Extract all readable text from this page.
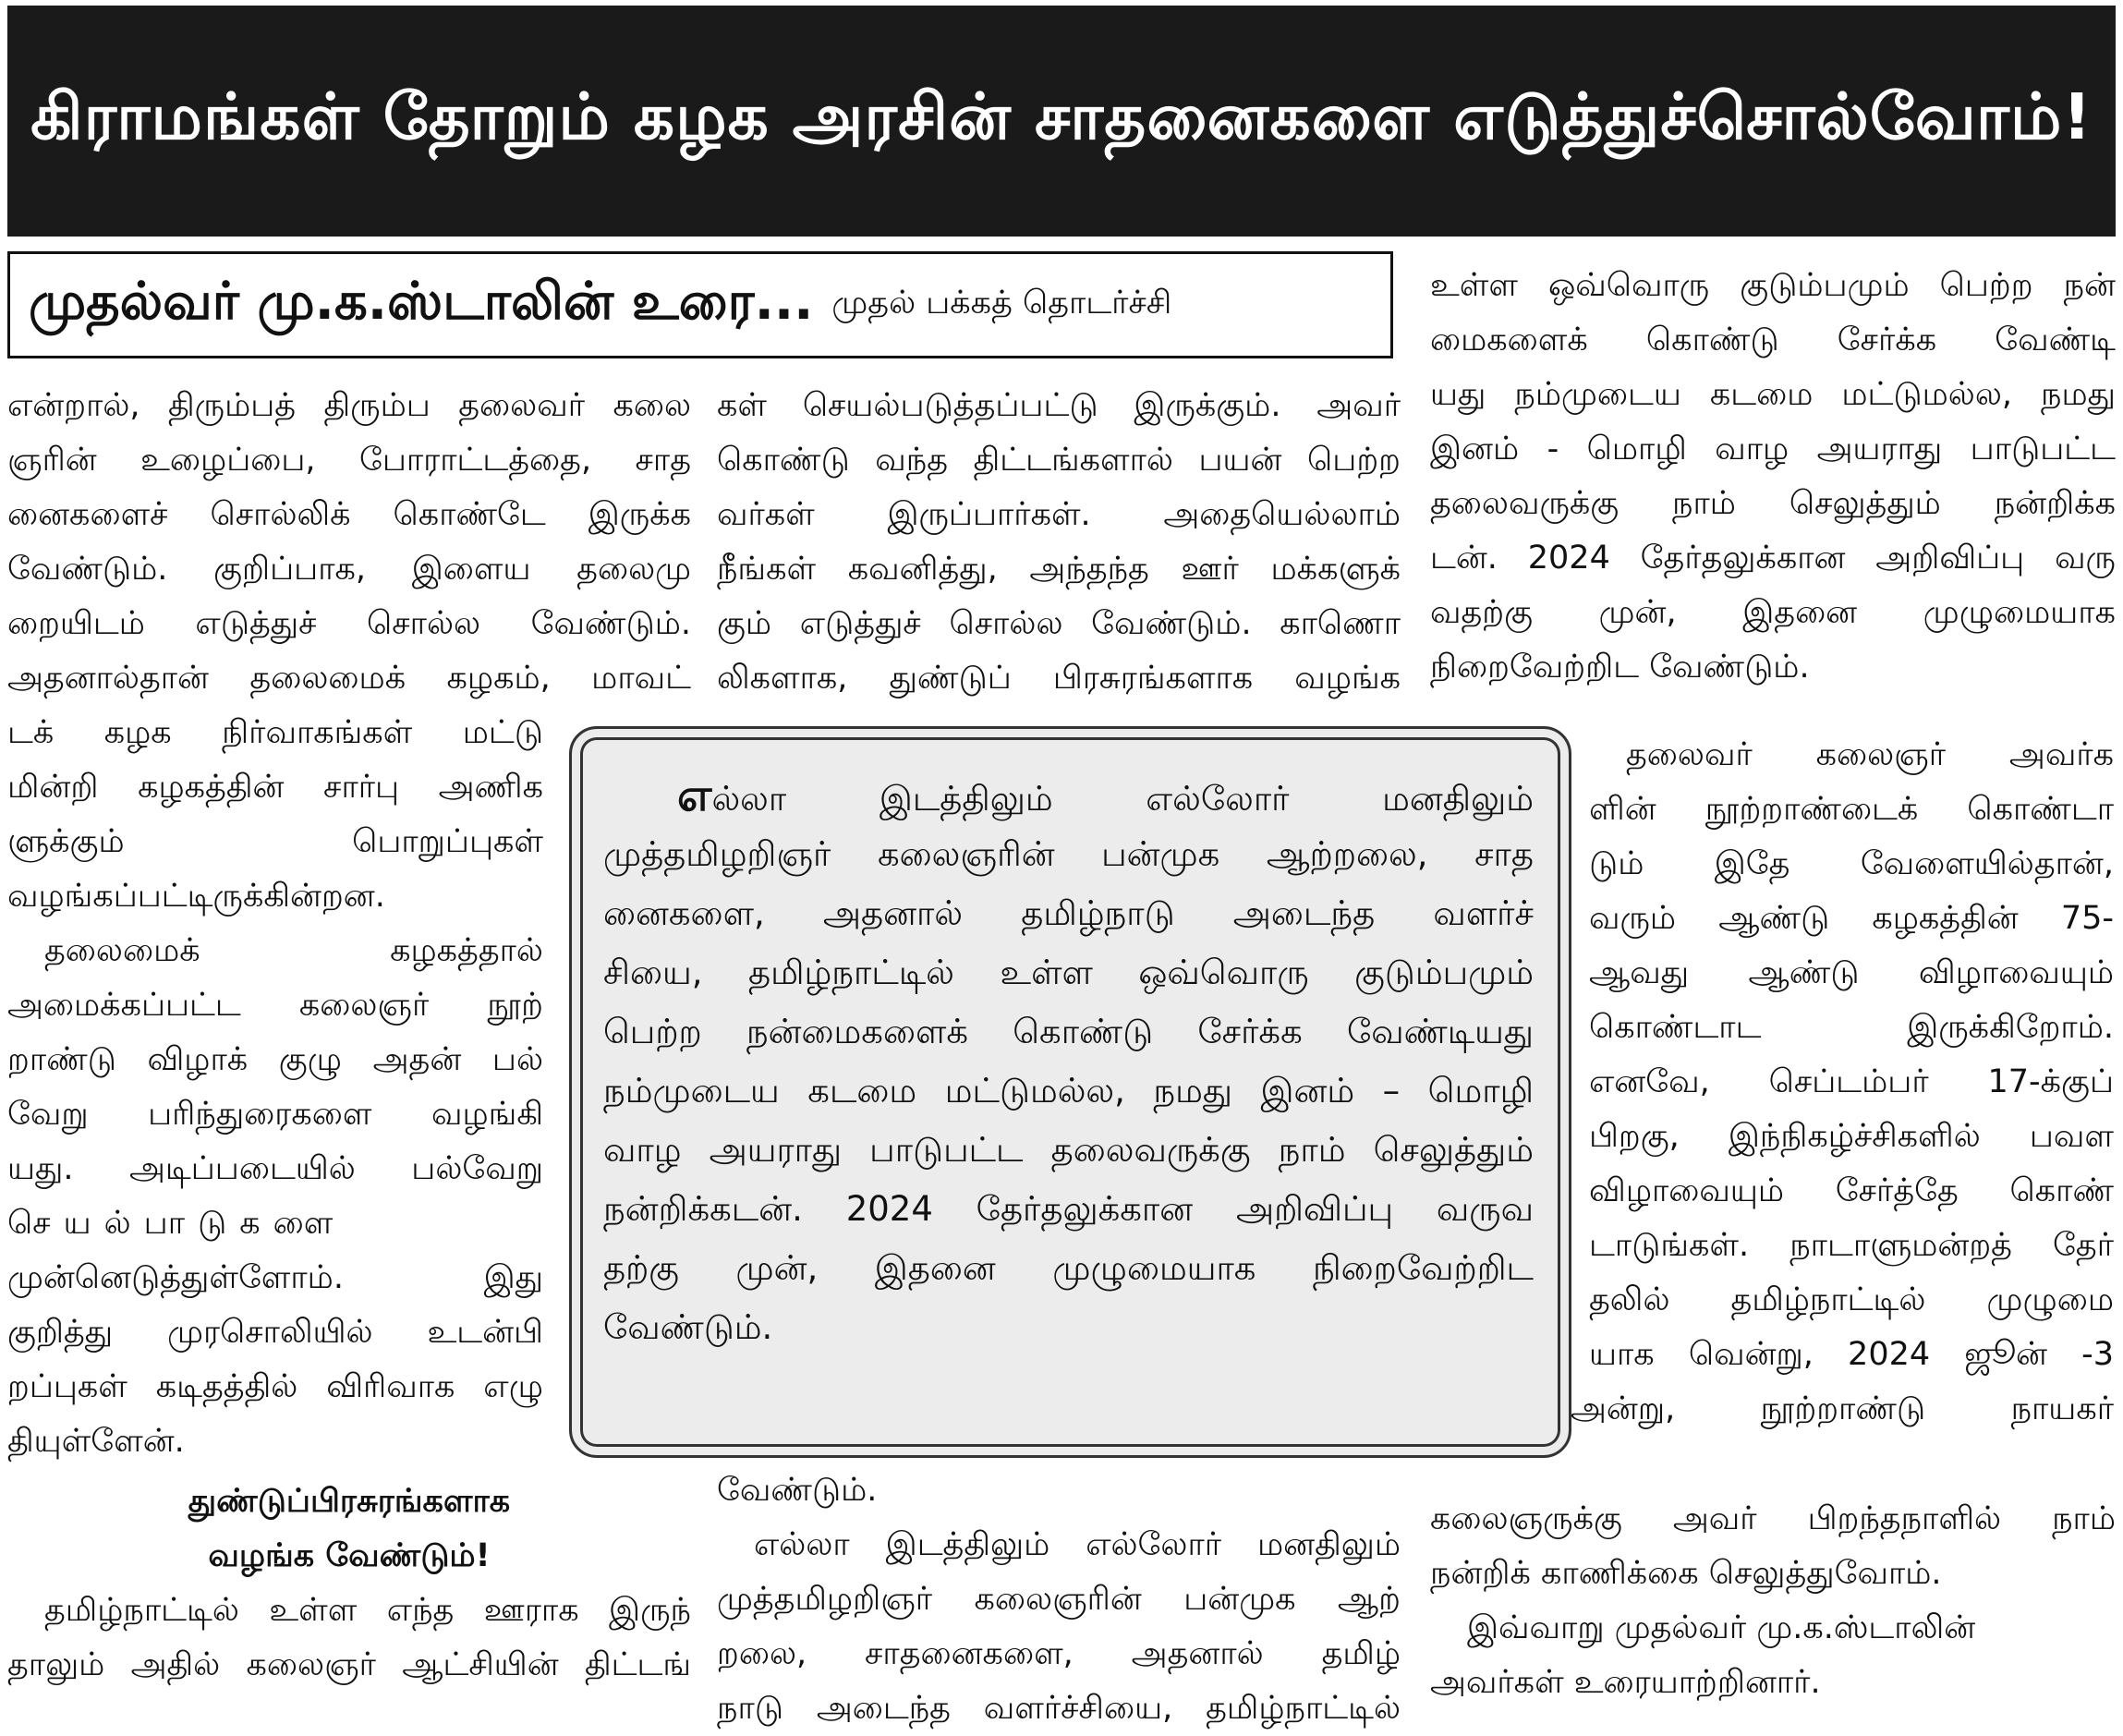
கிராமங்கள் தோறும் கழக அரசின் சாதனைகளை எடுத்துச்சொல்வோம்!
முதல்வர் மு.க.ஸ்டாலின் உரை... முதல் பக்கத் தொடர்ச்சி
என்றால், திரும்பத் திரும்ப தலைவர் கலை
ஞரின் உழைப்பை, போராட்டத்தை, சாத
னைகளைச் சொல்லிக் கொண்டே இருக்க
வேண்டும். குறிப்பாக, இளைய தலைமு
றையிடம் எடுத்துச் சொல்ல வேண்டும்.
அதனால்தான் தலைமைக் கழகம், மாவட்
டக் கழக நிர்வாகங்கள் மட்டு
மின்றி கழகத்தின் சார்பு அணிக
ளுக்கும் பொறுப்புகள்
வழங்கப்பட்டிருக்கின்றன.
தலைமைக் கழகத்தால்
அமைக்கப்பட்ட கலைஞர் நூற்
றாண்டு விழாக் குழு அதன் பல்
வேறு பரிந்துரைகளை வழங்கி
யது. அடிப்படையில் பல்வேறு
செயல்பாடுகளை
முன்னெடுத்துள்ளோம். இது
குறித்து முரசொலியில் உடன்பி
றப்புகள் கடிதத்தில் விரிவாக எழு
தியுள்ளேன்.
துண்டுப்பிரசுரங்களாக
வழங்க வேண்டும்!
தமிழ்நாட்டில் உள்ள எந்த ஊராக இருந்
தாலும் அதில் கலைஞர் ஆட்சியின் திட்டங்
கள் செயல்படுத்தப்பட்டு இருக்கும். அவர்
கொண்டு வந்த திட்டங்களால் பயன் பெற்ற
வர்கள் இருப்பார்கள். அதையெல்லாம்
நீங்கள் கவனித்து, அந்தந்த ஊர் மக்களுக்
கும் எடுத்துச் சொல்ல வேண்டும். காணொ
லிகளாக, துண்டுப் பிரசுரங்களாக வழங்க
வேண்டும்.
எல்லா இடத்திலும் எல்லோர் மனதிலும்
முத்தமிழறிஞர் கலைஞரின் பன்முக ஆற்
றலை, சாதனைகளை, அதனால் தமிழ்
நாடு அடைந்த வளர்ச்சியை, தமிழ்நாட்டில்
எல்லா இடத்திலும் எல்லோர் மனதிலும்
முத்தமிழறிஞர் கலைஞரின் பன்முக ஆற்றலை, சாத
னைகளை, அதனால் தமிழ்நாடு அடைந்த வளர்ச்
சியை, தமிழ்நாட்டில் உள்ள ஒவ்வொரு குடும்பமும்
பெற்ற நன்மைகளைக் கொண்டு சேர்க்க வேண்டியது
நம்முடைய கடமை மட்டுமல்ல, நமது இனம் – மொழி
வாழ அயராது பாடுபட்ட தலைவருக்கு நாம் செலுத்தும்
நன்றிக்கடன். 2024 தேர்தலுக்கான அறிவிப்பு வருவ
தற்கு முன், இதனை முழுமையாக நிறைவேற்றிட
வேண்டும்.
உள்ள ஒவ்வொரு குடும்பமும் பெற்ற நன்
மைகளைக் கொண்டு சேர்க்க வேண்டி
யது நம்முடைய கடமை மட்டுமல்ல, நமது
இனம் - மொழி வாழ அயராது பாடுபட்ட
தலைவருக்கு நாம் செலுத்தும் நன்றிக்க
டன். 2024 தேர்தலுக்கான அறிவிப்பு வரு
வதற்கு முன், இதனை முழுமையாக
நிறைவேற்றிட வேண்டும்.
தலைவர் கலைஞர் அவர்க
ளின் நூற்றாண்டைக் கொண்டா
டும் இதே வேளையில்தான்,
வரும் ஆண்டு கழகத்தின் 75-
ஆவது ஆண்டு விழாவையும்
கொண்டாட இருக்கிறோம்.
எனவே, செப்டம்பர் 17-க்குப்
பிறகு, இந்நிகழ்ச்சிகளில் பவள
விழாவையும் சேர்த்தே கொண்
டாடுங்கள். நாடாளுமன்றத் தேர்
தலில் தமிழ்நாட்டில் முழுமை
யாக வென்று, 2024 ஜூன் -3
அன்று, நூற்றாண்டு நாயகர்
கலைஞருக்கு அவர் பிறந்தநாளில் நாம்
நன்றிக் காணிக்கை செலுத்துவோம்.
இவ்வாறு முதல்வர் மு.க.ஸ்டாலின்
அவர்கள் உரையாற்றினார்.
